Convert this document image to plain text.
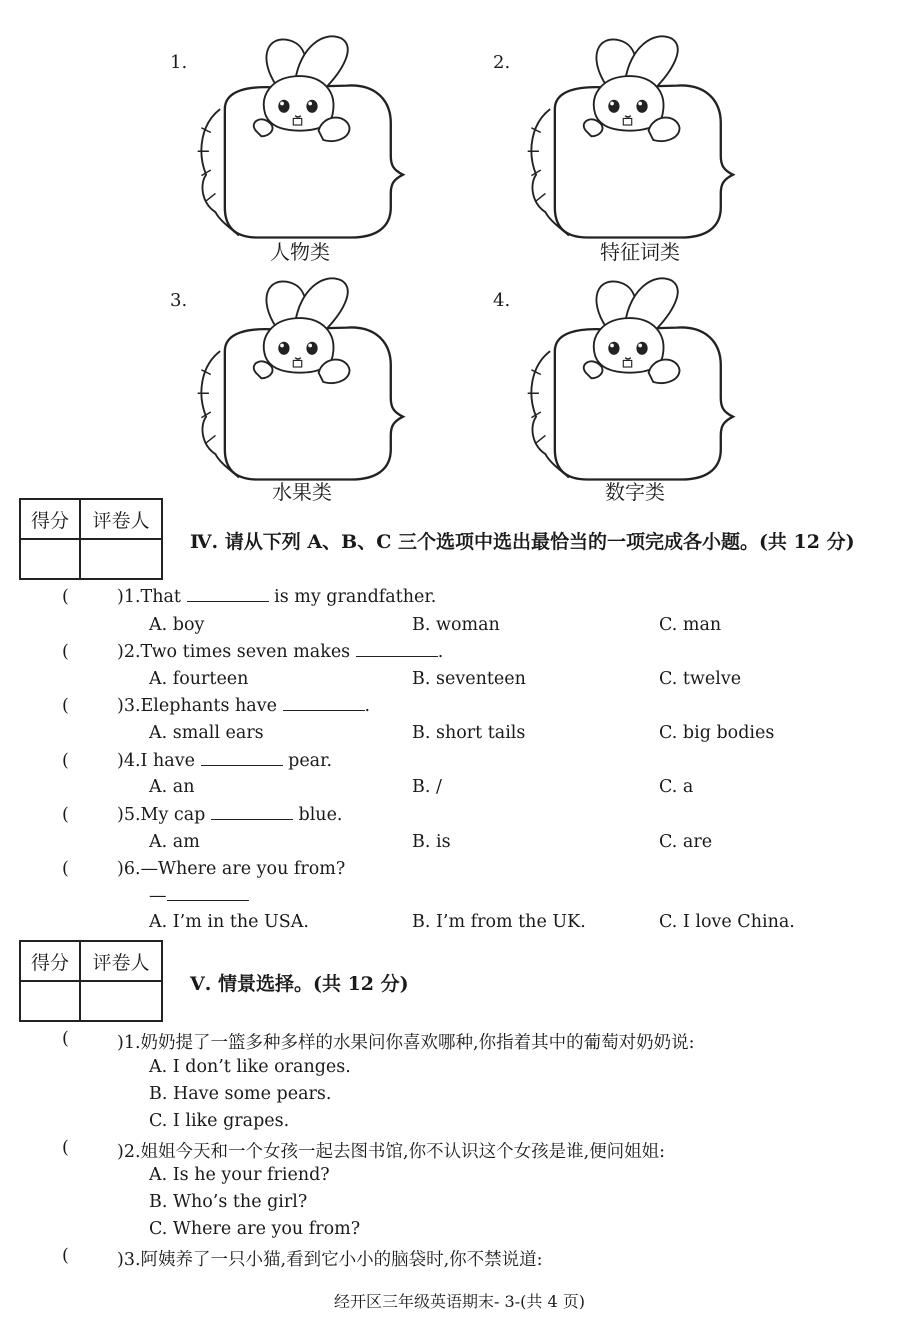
1.
人物类
2.
特征词类
3.
水果类
4.
数字类
得分	评卷人

Ⅳ. 请从下列 A、B、C 三个选项中选出最恰当的一项完成各小题。(共 12 分)
(	)1.That	is my grandfather.
A. boy	B. woman	C. man
(	)2.Two times seven makes	.
A. fourteen	B. seventeen	C. twelve
(	)3.Elephants have	.
A. small ears	B. short tails	C. big bodies
(	)4.I have	pear.
A. an	B. /	C. a
(	)5.My cap	blue.
A. am	B. is	C. are
(	)6.—Where are you from?
—
A. I’m in the USA.	B. I’m from the UK.	C. I love China.
得分	评卷人

Ⅴ. 情景选择。(共 12 分)
(	)1.奶奶提了一篮多种多样的水果问你喜欢哪种,你指着其中的葡萄对奶奶说:
A. I don’t like oranges.
B. Have some pears.
C. I like grapes.
(	)2.姐姐今天和一个女孩一起去图书馆,你不认识这个女孩是谁,便问姐姐:
A. Is he your friend?
B. Who’s the girl?
C. Where are you from?
(	)3.阿姨养了一只小猫,看到它小小的脑袋时,你不禁说道:
经开区三年级英语期末- 3-(共 4 页)
